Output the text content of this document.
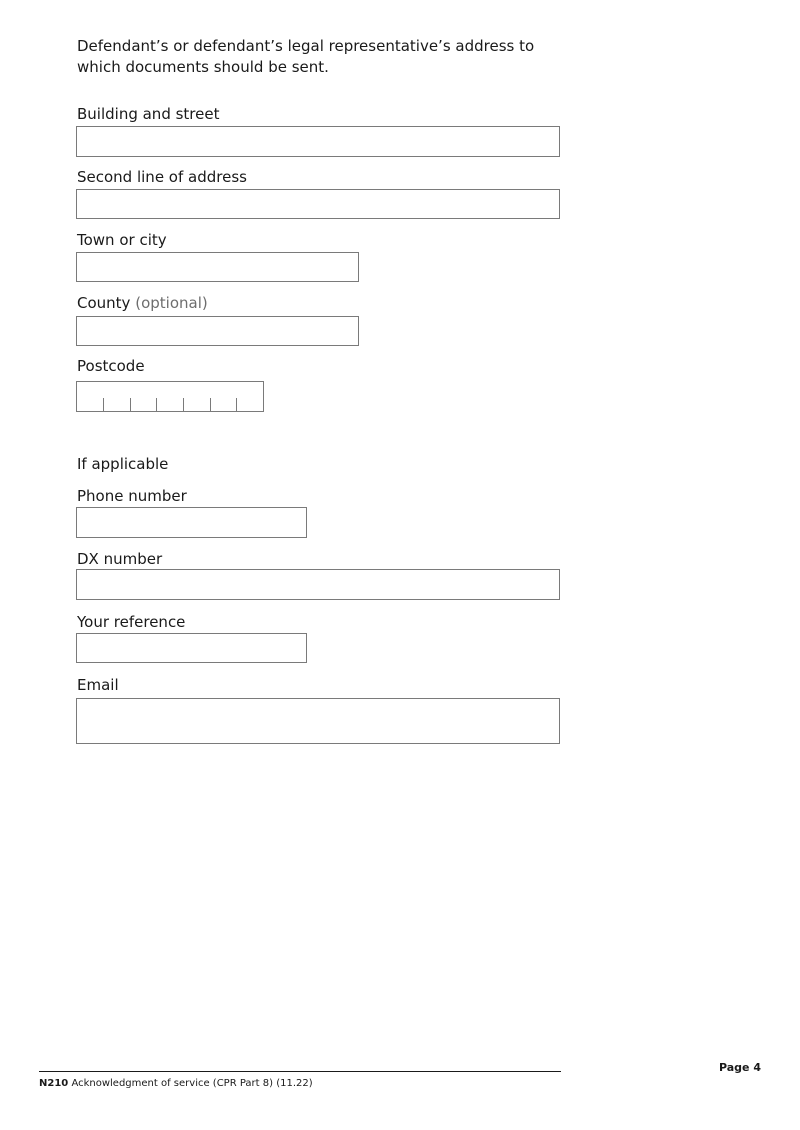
Defendant’s or defendant’s legal representative’s address to which documents should be sent.
Building and street
Second line of address
Town or city
County (optional)
Postcode
If applicable
Phone number
DX number
Your reference
Email
N210 Acknowledgment of service (CPR Part 8) (11.22)
Page 4
